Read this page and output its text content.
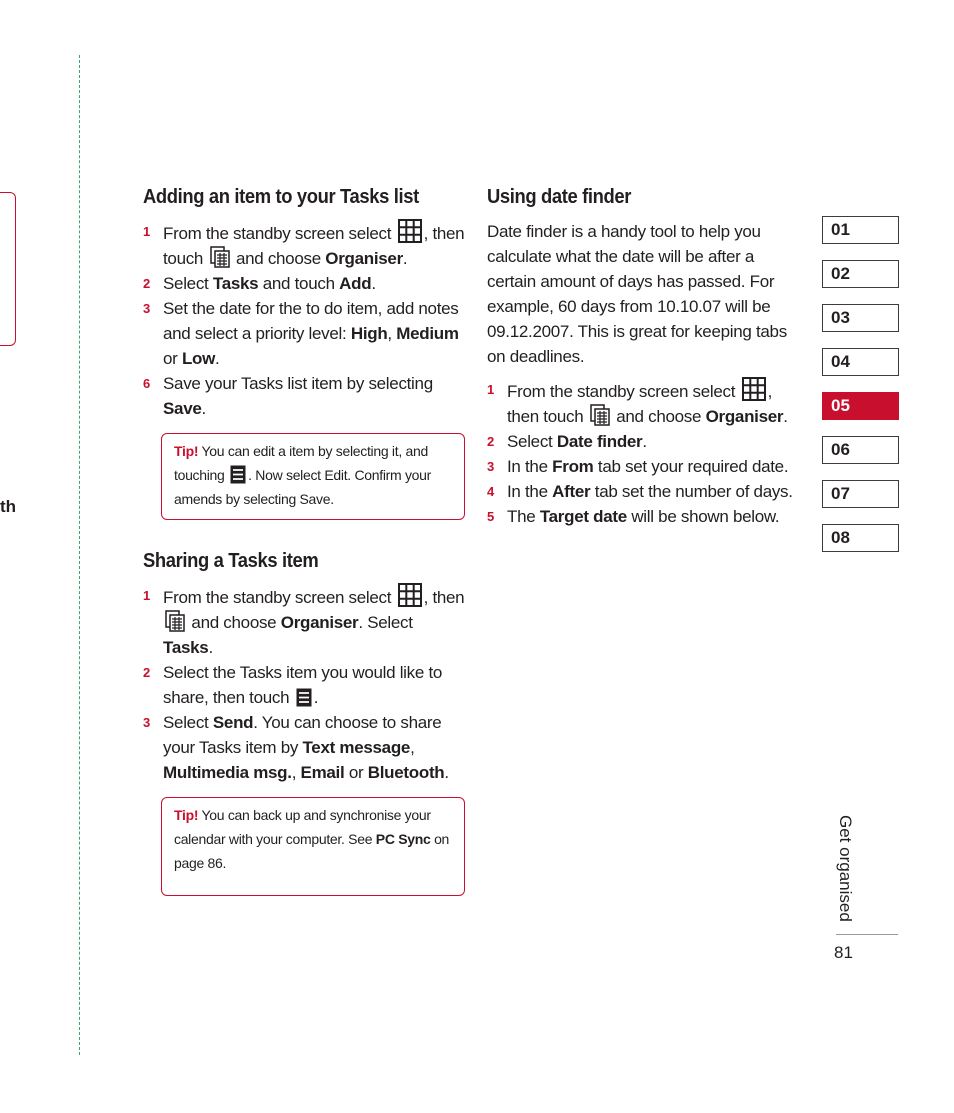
th
Adding an item to your Tasks list
1 From the standby screen select , then touch  and choose Organiser.
2 Select Tasks and touch Add.
3 Set the date for the to do item, add notes and select a priority level: High, Medium or Low.
6 Save your Tasks list item by selecting Save.
Tip! You can edit a item by selecting it, and touching . Now select Edit. Confirm your amends by selecting Save.
Sharing a Tasks item
1 From the standby screen select , then  and choose Organiser. Select Tasks.
2 Select the Tasks item you would like to share, then touch .
3 Select Send. You can choose to share your Tasks item by Text message, Multimedia msg., Email or Bluetooth.
Tip! You can back up and synchronise your calendar with your computer. See PC Sync on page 86.
Using date finder

Date finder is a handy tool to help you calculate what the date will be after a certain amount of days has passed. For example, 60 days from 10.10.07 will be 09.12.2007. This is great for keeping tabs on deadlines.

1 From the standby screen select , then touch  and choose Organiser.
2 Select Date finder.
3 In the From tab set your required date.
4 In the After tab set the number of days.
5 The Target date will be shown below.
01
02
03
04
05
06
07
08
Get organised
81
